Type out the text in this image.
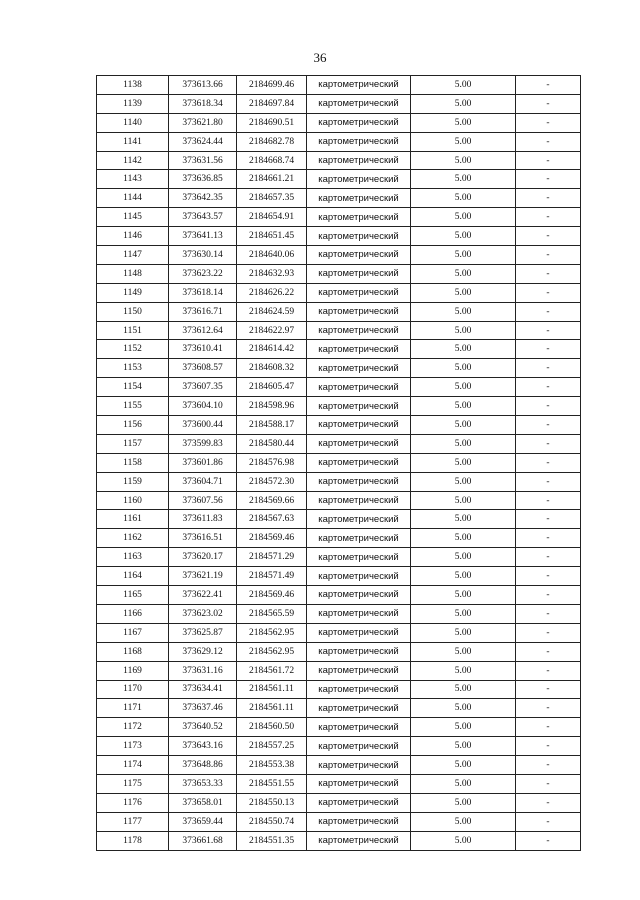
36
1138	373613.66	2184699.46	картометрический	5.00	-
1139	373618.34	2184697.84	картометрический	5.00	-
1140	373621.80	2184690.51	картометрический	5.00	-
1141	373624.44	2184682.78	картометрический	5.00	-
1142	373631.56	2184668.74	картометрический	5.00	-
1143	373636.85	2184661.21	картометрический	5.00	-
1144	373642.35	2184657.35	картометрический	5.00	-
1145	373643.57	2184654.91	картометрический	5.00	-
1146	373641.13	2184651.45	картометрический	5.00	-
1147	373630.14	2184640.06	картометрический	5.00	-
1148	373623.22	2184632.93	картометрический	5.00	-
1149	373618.14	2184626.22	картометрический	5.00	-
1150	373616.71	2184624.59	картометрический	5.00	-
1151	373612.64	2184622.97	картометрический	5.00	-
1152	373610.41	2184614.42	картометрический	5.00	-
1153	373608.57	2184608.32	картометрический	5.00	-
1154	373607.35	2184605.47	картометрический	5.00	-
1155	373604.10	2184598.96	картометрический	5.00	-
1156	373600.44	2184588.17	картометрический	5.00	-
1157	373599.83	2184580.44	картометрический	5.00	-
1158	373601.86	2184576.98	картометрический	5.00	-
1159	373604.71	2184572.30	картометрический	5.00	-
1160	373607.56	2184569.66	картометрический	5.00	-
1161	373611.83	2184567.63	картометрический	5.00	-
1162	373616.51	2184569.46	картометрический	5.00	-
1163	373620.17	2184571.29	картометрический	5.00	-
1164	373621.19	2184571.49	картометрический	5.00	-
1165	373622.41	2184569.46	картометрический	5.00	-
1166	373623.02	2184565.59	картометрический	5.00	-
1167	373625.87	2184562.95	картометрический	5.00	-
1168	373629.12	2184562.95	картометрический	5.00	-
1169	373631.16	2184561.72	картометрический	5.00	-
1170	373634.41	2184561.11	картометрический	5.00	-
1171	373637.46	2184561.11	картометрический	5.00	-
1172	373640.52	2184560.50	картометрический	5.00	-
1173	373643.16	2184557.25	картометрический	5.00	-
1174	373648.86	2184553.38	картометрический	5.00	-
1175	373653.33	2184551.55	картометрический	5.00	-
1176	373658.01	2184550.13	картометрический	5.00	-
1177	373659.44	2184550.74	картометрический	5.00	-
1178	373661.68	2184551.35	картометрический	5.00	-
